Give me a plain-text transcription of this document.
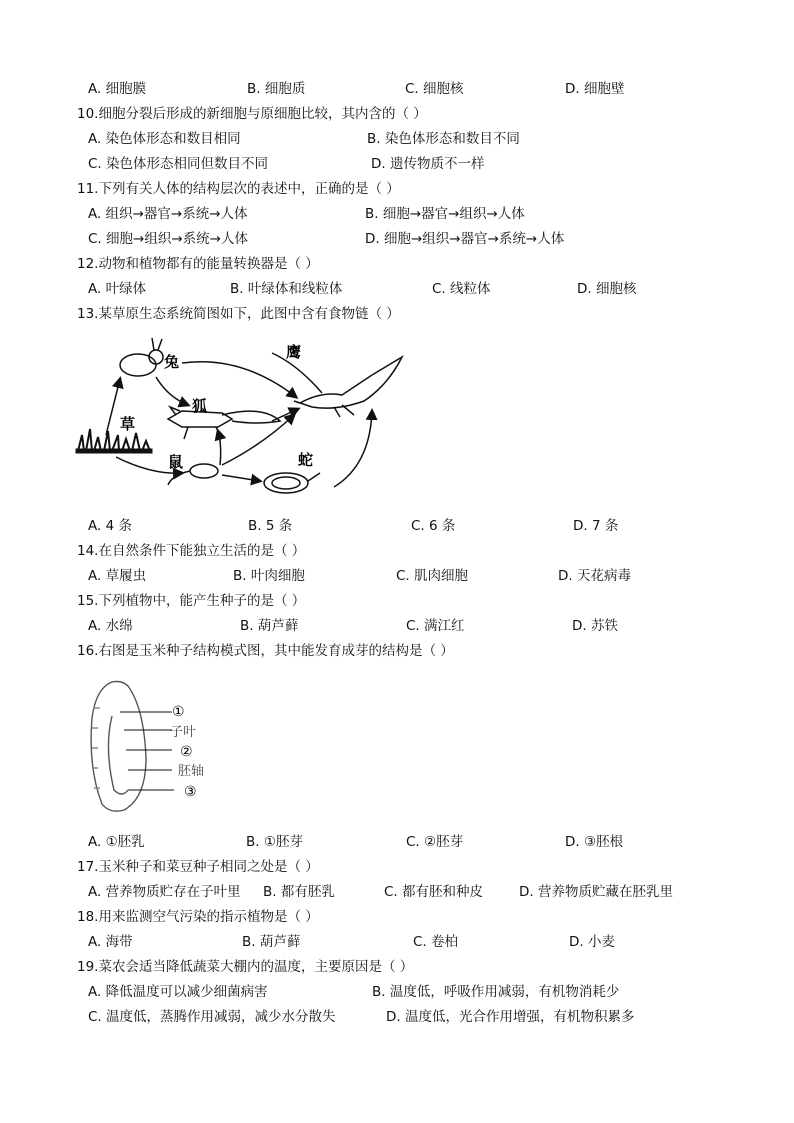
A. 细胞膜	B. 细胞质	C. 细胞核	D. 细胞壁
10.细胞分裂后形成的新细胞与原细胞比较，其内含的（ ）
A. 染色体形态和数目相同	B. 染色体形态和数目不同
C. 染色体形态相同但数目不同	D. 遗传物质不一样
11.下列有关人体的结构层次的表述中，正确的是（ ）
A. 组织→器官→系统→人体	B. 细胞→器官→组织→人体
C. 细胞→组织→系统→人体	D. 细胞→组织→器官→系统→人体
12.动物和植物都有的能量转换器是（ ）
A. 叶绿体	B. 叶绿体和线粒体	C. 线粒体	D. 细胞核
13.某草原生态系统简图如下，此图中含有食物链（ ）
草
兔
狐
鼠	蛇
鹰
A. 4 条	B. 5 条	C. 6 条	D. 7 条
14.在自然条件下能独立生活的是（ ）
A. 草履虫	B. 叶肉细胞	C. 肌肉细胞	D. 天花病毒
15.下列植物中，能产生种子的是（ ）
A. 水绵	B. 葫芦藓	C. 满江红	D. 苏铁
16.右图是玉米种子结构模式图，其中能发育成芽的结构是（ ）
①
子叶
②
胚轴
③
A. ①胚乳	B. ①胚芽	C. ②胚芽	D. ③胚根
17.玉米种子和菜豆种子相同之处是（ ）
A. 营养物质贮存在子叶里 B. 都有胚乳	C. 都有胚和种皮	D. 营养物质贮藏在胚乳里
18.用来监测空气污染的指示植物是（ ）
A. 海带	B. 葫芦藓	C. 卷柏	D. 小麦
19.菜农会适当降低蔬菜大棚内的温度，主要原因是（ ）
A. 降低温度可以减少细菌病害	B. 温度低，呼吸作用减弱，有机物消耗少
C. 温度低，蒸腾作用减弱，减少水分散失	D. 温度低，光合作用增强，有机物积累多
